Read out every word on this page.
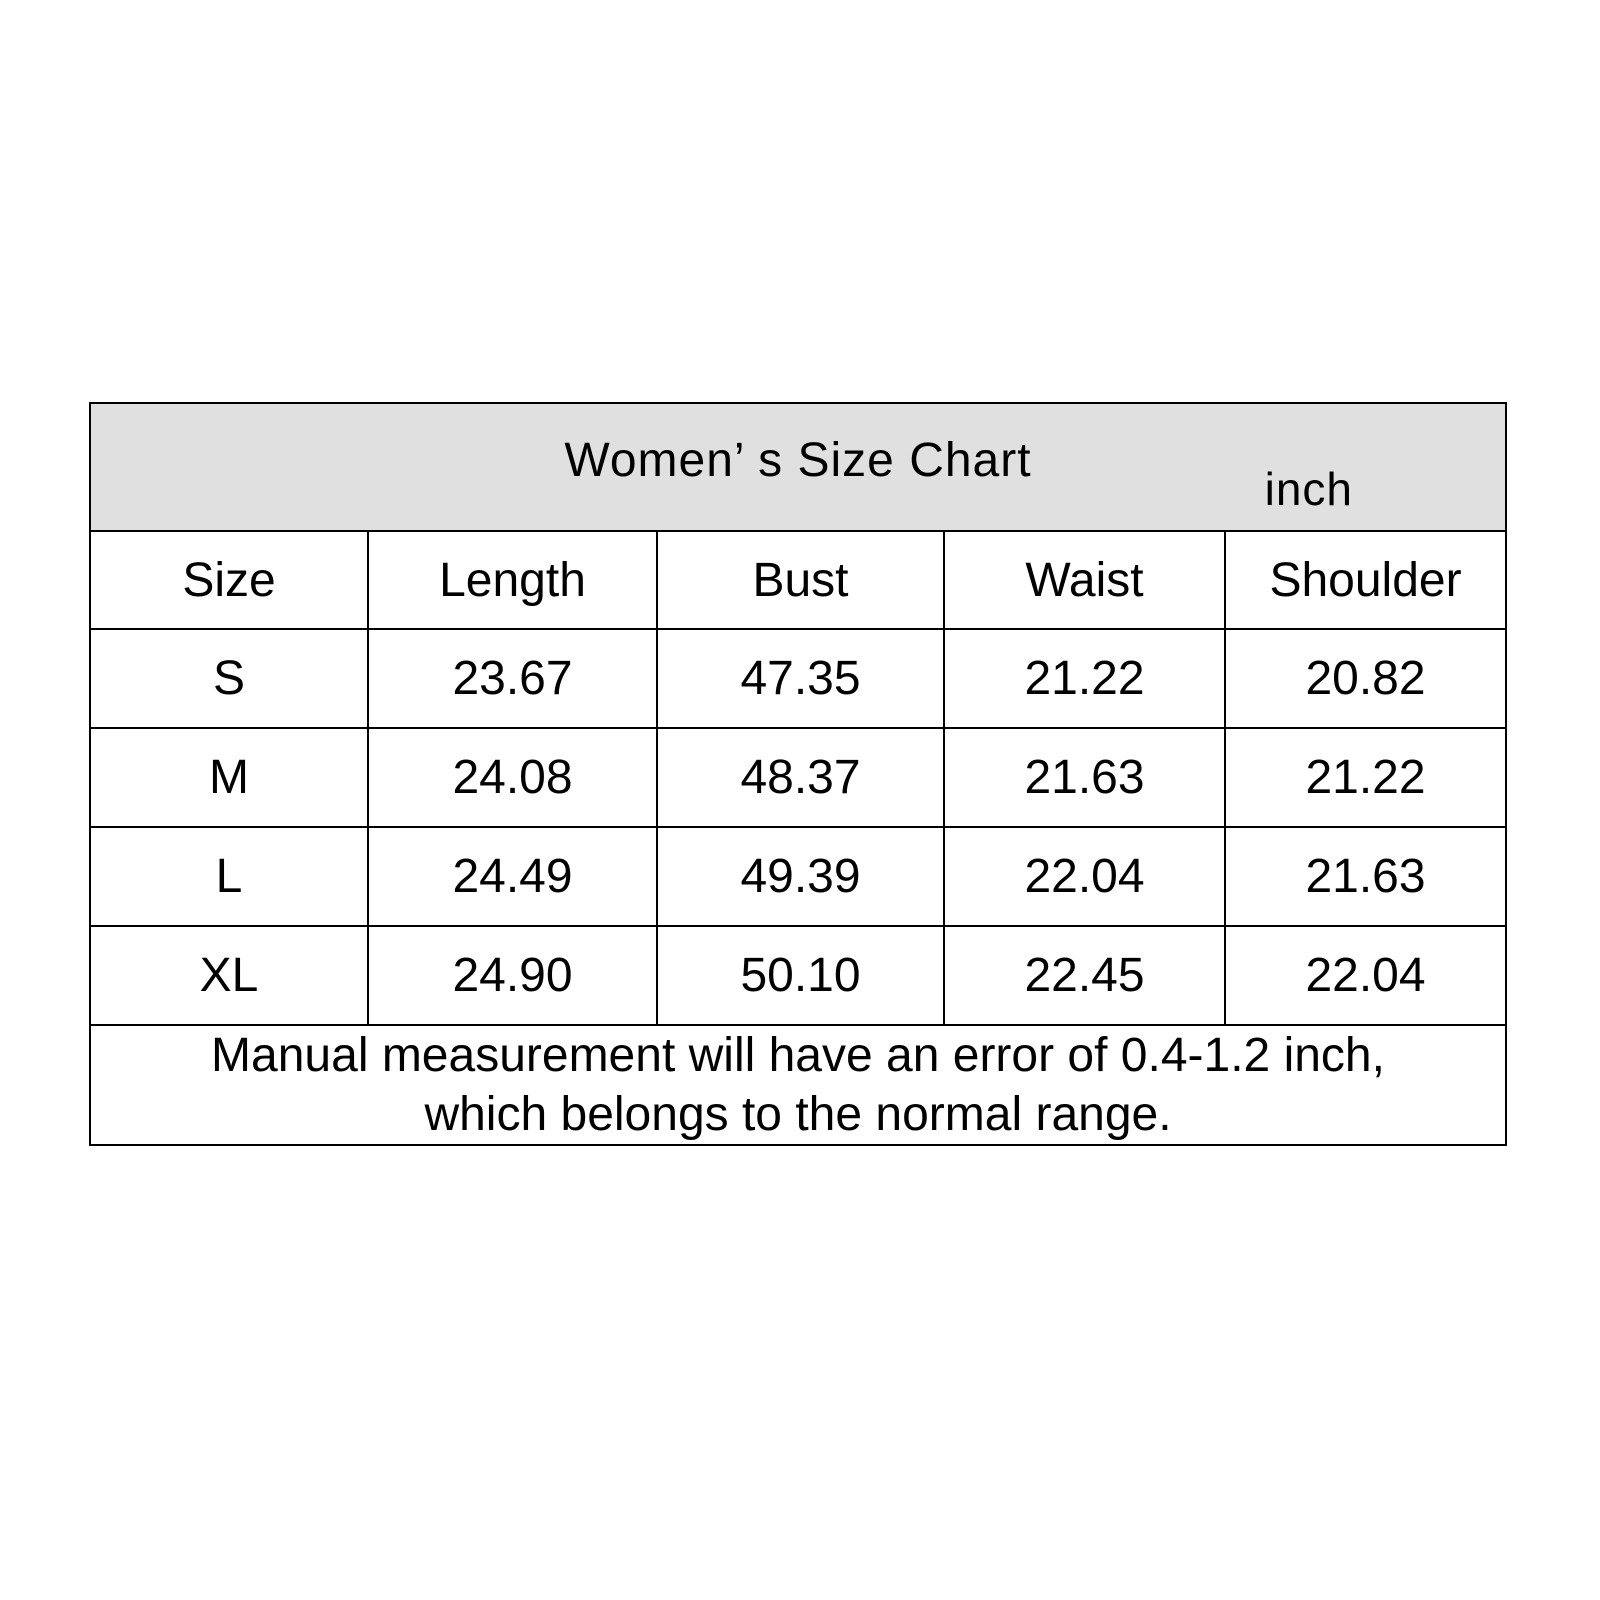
Women’ s Size Chart
inch				

Size	Length	Bust	Waist	Shoulder
S	23.67	47.35	21.22	20.82
M	24.08	48.37	21.63	21.22
L	24.49	49.39	22.04	21.63
XL	24.90	50.10	22.45	22.04

Manual measurement will have an error of 0.4-1.2 inch,
which belongs to the normal range.				
